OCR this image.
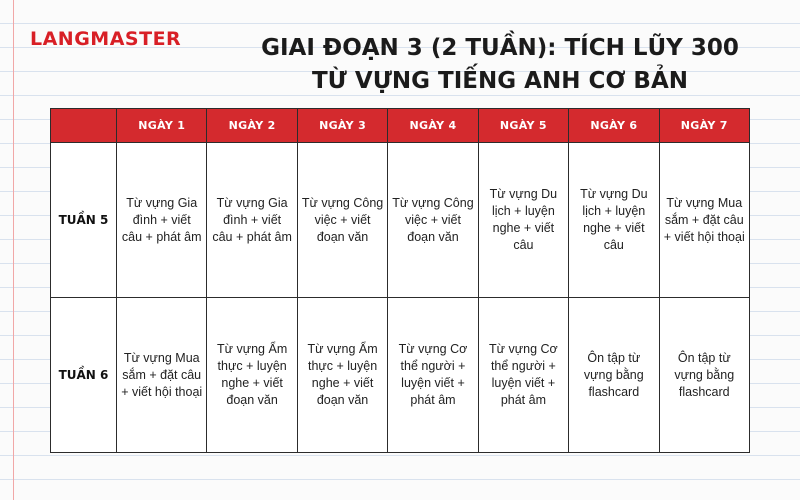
LANGMASTER	GIAI ĐOẠN 3 (2 TUẦN): TÍCH LŨY 300
TỪ VỰNG TIẾNG ANH CƠ BẢN
	NGÀY 1	NGÀY 2	NGÀY 3	NGÀY 4	NGÀY 5	NGÀY 6	NGÀY 7
TUẦN 5	Từ vựng Gia đình + viết câu + phát âm	Từ vựng Gia đình + viết câu + phát âm	Từ vựng Công việc + viết đoạn văn	Từ vựng Công việc + viết đoạn văn	Từ vựng Du lịch + luyện nghe + viết câu	Từ vựng Du lịch + luyện nghe + viết câu	Từ vựng Mua sắm + đặt câu + viết hội thoại
TUẦN 6	Từ vựng Mua sắm + đặt câu + viết hội thoại	Từ vựng Ẩm thực + luyện nghe + viết đoạn văn	Từ vựng Ẩm thực + luyện nghe + viết đoạn văn	Từ vựng Cơ thể người + luyện viết + phát âm	Từ vựng Cơ thể người + luyện viết + phát âm	Ôn tập từ vựng bằng flashcard	Ôn tập từ vựng bằng flashcard
